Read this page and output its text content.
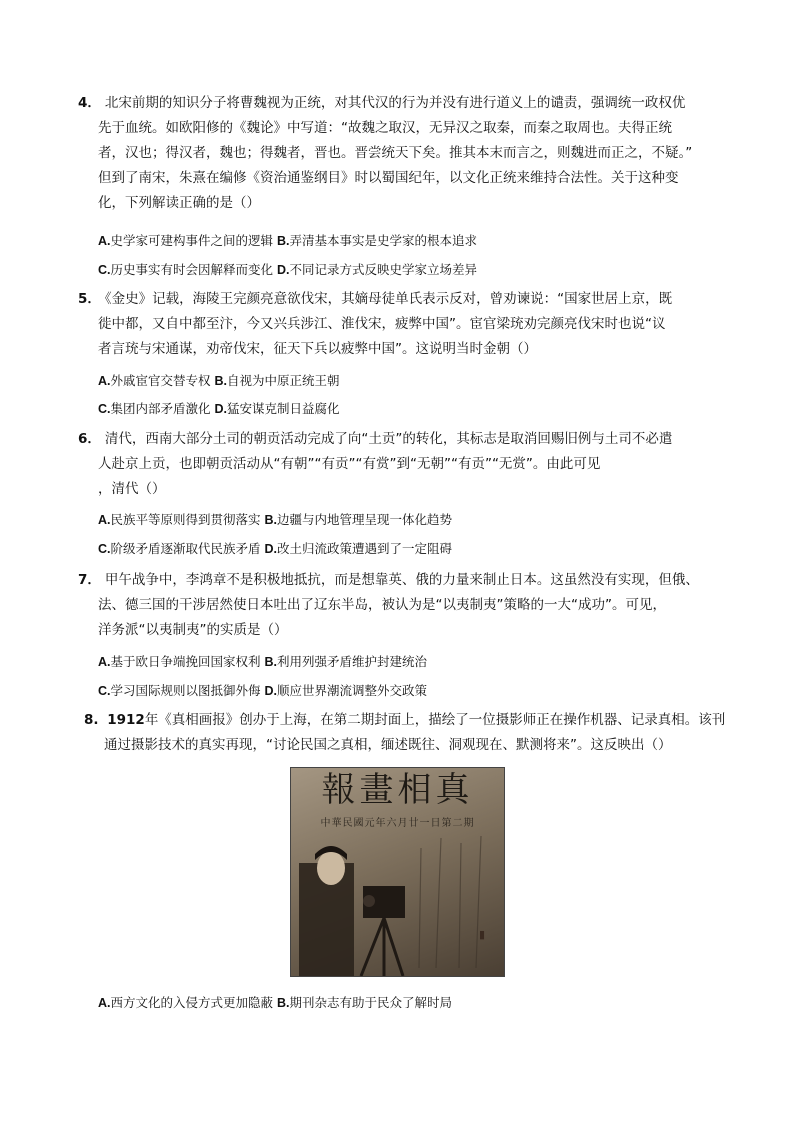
4． 北宋前期的知识分子将曹魏视为正统，对其代汉的行为并没有进行道义上的谴责，强调统一政权优
先于血统。如欧阳修的《魏论》中写道：“故魏之取汉，无异汉之取秦，而秦之取周也。夫得正统
者，汉也；得汉者，魏也；得魏者，晋也。晋尝统天下矣。推其本末而言之，则魏进而正之，不疑。”
但到了南宋，朱熹在编修《资治通鉴纲目》时以蜀国纪年，以文化正统来维持合法性。关于这种变
化，下列解读正确的是（）
A.史学家可建构事件之间的逻辑 B.弄清基本事实是史学家的根本追求
C.历史事实有时会因解释而变化 D.不同记录方式反映史学家立场差异
5． 《金史》记载，海陵王完颜亮意欲伐宋，其嫡母徒单氏表示反对，曾劝谏说：“国家世居上京，既
徙中都，又自中都至汴，今又兴兵涉江、淮伐宋，疲弊中国”。宦官梁珫劝完颜亮伐宋时也说“议
者言珫与宋通谋，劝帝伐宋，征天下兵以疲弊中国”。这说明当时金朝（）
A.外戚宦官交替专权 B.自视为中原正统王朝
C.集团内部矛盾激化 D.猛安谋克制日益腐化
6． 清代，西南大部分土司的朝贡活动完成了向“土贡”的转化，其标志是取消回赐旧例与土司不必遣
人赴京上贡，也即朝贡活动从“有朝”“有贡”“有赏”到“无朝”“有贡”“无赏”。由此可见
，清代（）
A.民族平等原则得到贯彻落实 B.边疆与内地管理呈现一体化趋势
C.阶级矛盾逐渐取代民族矛盾 D.改土归流政策遭遇到了一定阻碍
7． 甲午战争中，李鸿章不是积极地抵抗，而是想靠英、俄的力量来制止日本。这虽然没有实现，但俄、
法、德三国的干涉居然使日本吐出了辽东半岛，被认为是“以夷制夷”策略的一大“成功”。可见，
洋务派“以夷制夷”的实质是（）
A.基于欧日争端挽回国家权利 B.利用列强矛盾维护封建统治
C.学习国际规则以图抵御外侮 D.顺应世界潮流调整外交政策
8. 1912年《真相画报》创办于上海，在第二期封面上，描绘了一位摄影师正在操作机器、记录真相。该刊
通过摄影技术的真实再现，“讨论民国之真相，缅述既往、洞观现在、默测将来”。这反映出（）
報畫相真
中華民國元年六月廿一日第二期
▮
A.西方文化的入侵方式更加隐蔽 B.期刊杂志有助于民众了解时局
